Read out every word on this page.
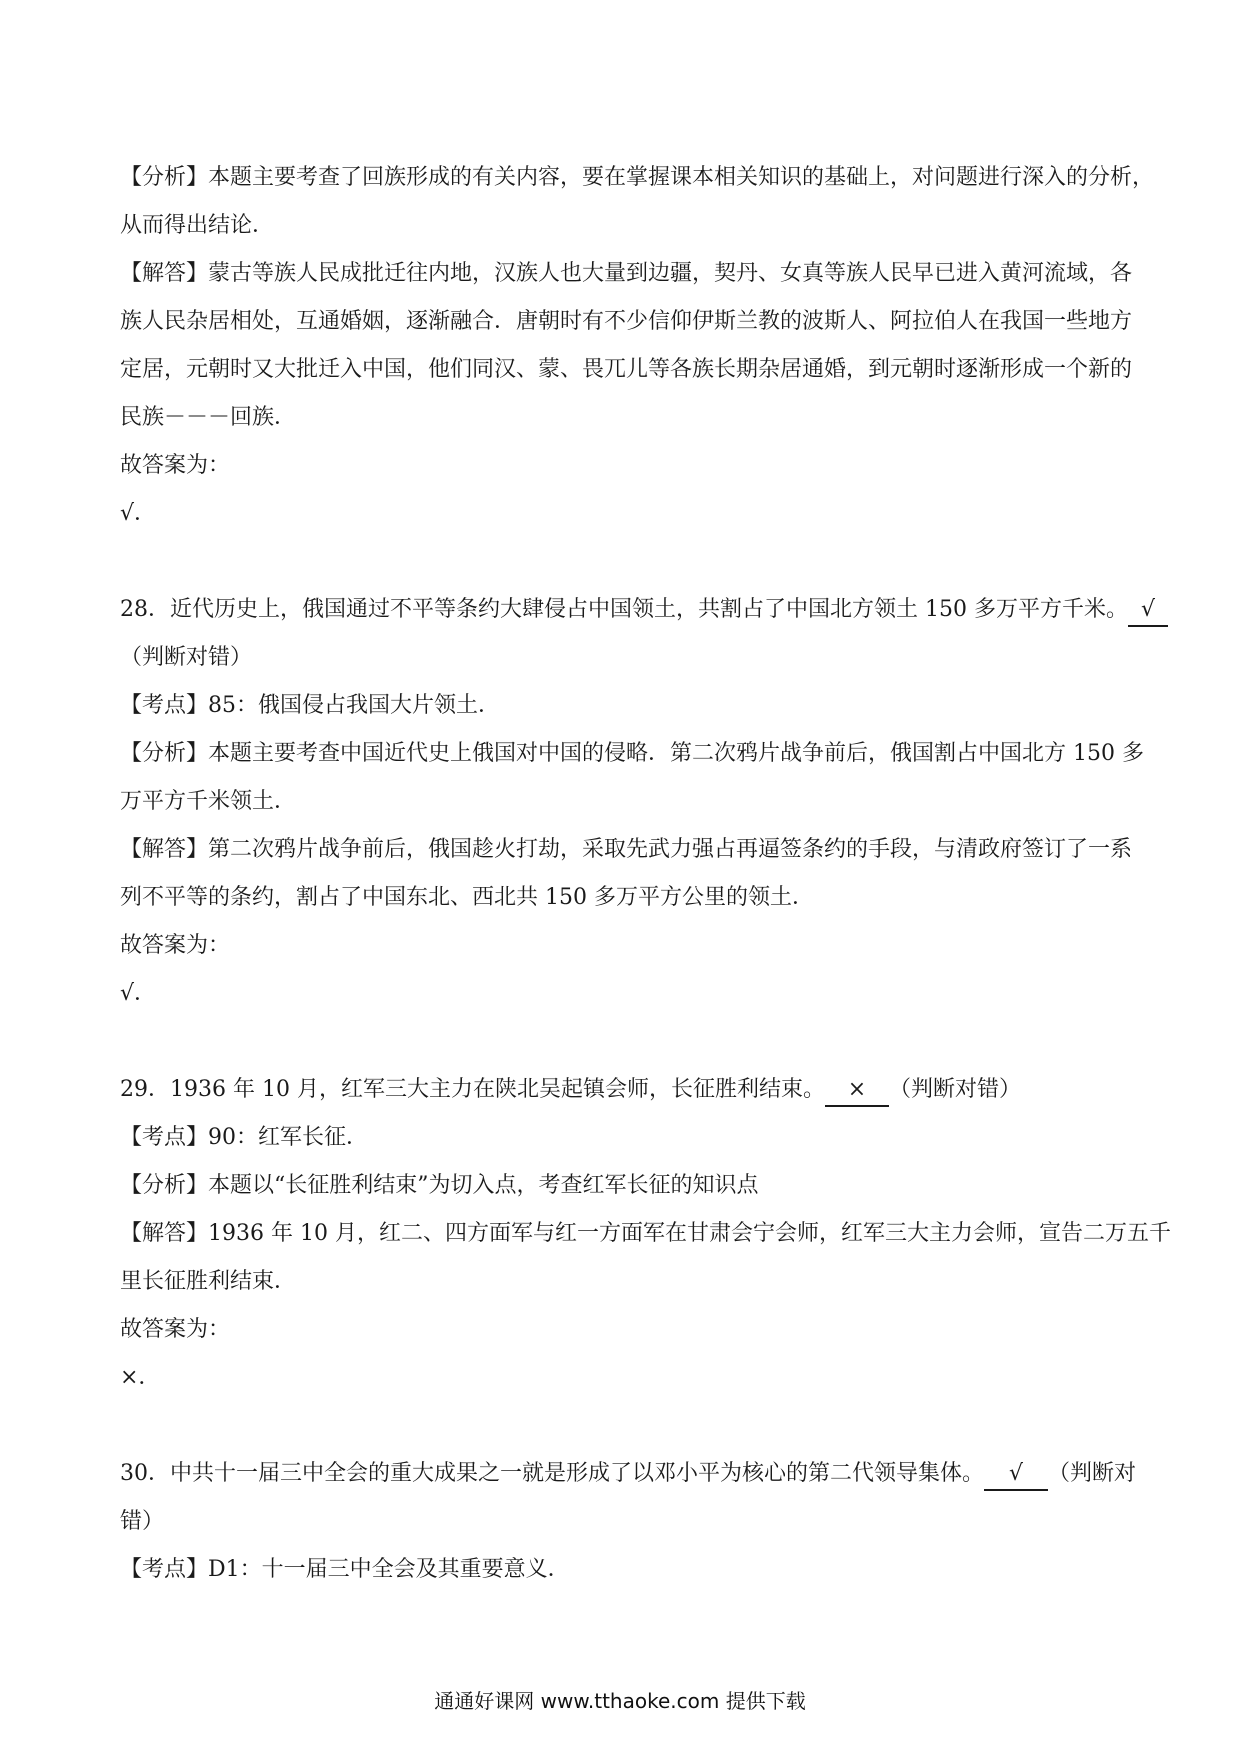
【分析】本题主要考查了回族形成的有关内容，要在掌握课本相关知识的基础上，对问题进行深入的分析，
从而得出结论．
【解答】蒙古等族人民成批迁往内地，汉族人也大量到边疆，契丹、女真等族人民早已进入黄河流域，各
族人民杂居相处，互通婚姻，逐渐融合．唐朝时有不少信仰伊斯兰教的波斯人、阿拉伯人在我国一些地方
定居，元朝时又大批迁入中国，他们同汉、蒙、畏兀儿等各族长期杂居通婚，到元朝时逐渐形成一个新的
民族－－－回族．
故答案为：
√．
28．近代历史上，俄国通过不平等条约大肆侵占中国领土，共割占了中国北方领土 150 多万平方千米。 √
（判断对错）
【考点】85：俄国侵占我国大片领土．
【分析】本题主要考查中国近代史上俄国对中国的侵略．第二次鸦片战争前后，俄国割占中国北方 150 多
万平方千米领土．
【解答】第二次鸦片战争前后，俄国趁火打劫，采取先武力强占再逼签条约的手段，与清政府签订了一系
列不平等的条约，割占了中国东北、西北共 150 多万平方公里的领土．
故答案为：
√．
29．1936 年 10 月，红军三大主力在陕北吴起镇会师，长征胜利结束。 × （判断对错）
【考点】90：红军长征．
【分析】本题以“长征胜利结束”为切入点，考查红军长征的知识点
【解答】1936 年 10 月，红二、四方面军与红一方面军在甘肃会宁会师，红军三大主力会师，宣告二万五千
里长征胜利结束．
故答案为：
×．
30．中共十一届三中全会的重大成果之一就是形成了以邓小平为核心的第二代领导集体。 √ （判断对
错）
【考点】D1：十一届三中全会及其重要意义．
通通好课网 www.tthaoke.com 提供下载
